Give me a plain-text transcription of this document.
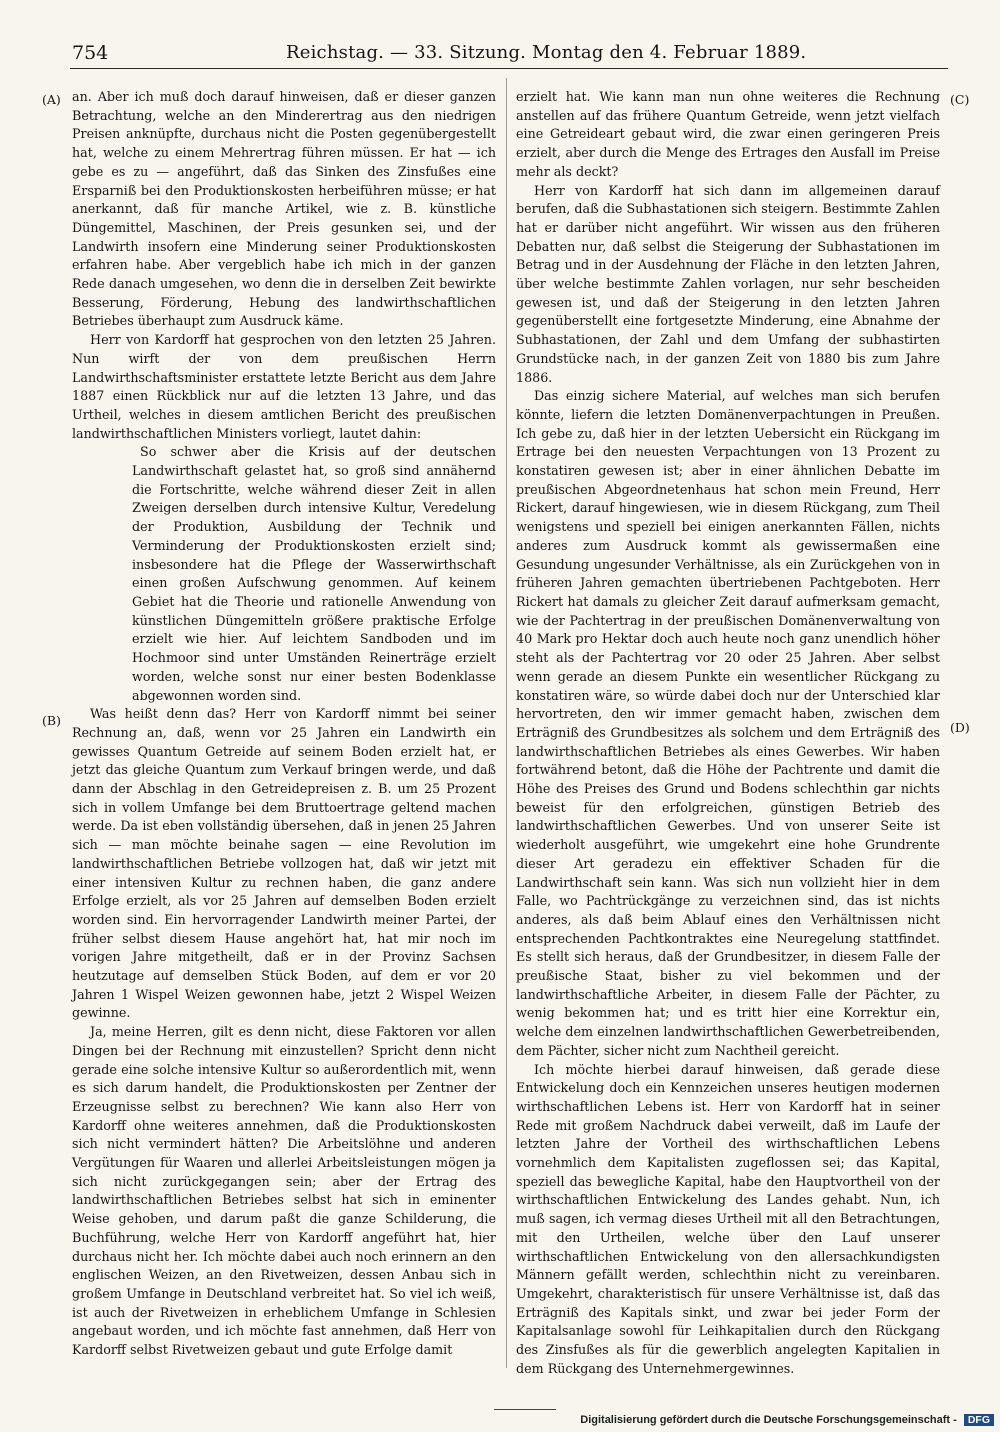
754	Reichstag. — 33. Sitzung. Montag den 4. Februar 1889.
(A)
(B)
(C)
(D)

an. Aber ich muß doch darauf hinweisen, daß er dieser ganzen Betrachtung, welche an den Minderertrag aus den niedrigen Preisen anknüpfte, durchaus nicht die Posten gegenübergestellt hat, welche zu einem Mehrertrag führen müssen. Er hat — ich gebe es zu — angeführt, daß das Sinken des Zinsfußes eine Ersparniß bei den Produktionskosten herbeiführen müsse; er hat anerkannt, daß für manche Artikel, wie z. B. künstliche Düngemittel, Maschinen, der Preis gesunken sei, und der Landwirth insofern eine Minderung seiner Produktionskosten erfahren habe. Aber vergeblich habe ich mich in der ganzen Rede danach umgesehen, wo denn die in derselben Zeit bewirkte Besserung, Förderung, Hebung des landwirthschaftlichen Betriebes überhaupt zum Ausdruck käme.

Herr von Kardorff hat gesprochen von den letzten 25 Jahren. Nun wirft der von dem preußischen Herrn Landwirthschaftsminister erstattete letzte Bericht aus dem Jahre 1887 einen Rückblick nur auf die letzten 13 Jahre, und das Urtheil, welches in diesem amtlichen Bericht des preußischen landwirthschaftlichen Ministers vorliegt, lautet dahin:

So schwer aber die Krisis auf der deutschen Landwirthschaft gelastet hat, so groß sind annähernd die Fortschritte, welche während dieser Zeit in allen Zweigen derselben durch intensive Kultur, Veredelung der Produktion, Ausbildung der Technik und Verminderung der Produktionskosten erzielt sind; insbesondere hat die Pflege der Wasserwirthschaft einen großen Aufschwung genommen. Auf keinem Gebiet hat die Theorie und rationelle Anwendung von künstlichen Düngemitteln größere praktische Erfolge erzielt wie hier. Auf leichtem Sandboden und im Hochmoor sind unter Umständen Reinerträge erzielt worden, welche sonst nur einer besten Bodenklasse abgewonnen worden sind.

Was heißt denn das? Herr von Kardorff nimmt bei seiner Rechnung an, daß, wenn vor 25 Jahren ein Landwirth ein gewisses Quantum Getreide auf seinem Boden erzielt hat, er jetzt das gleiche Quantum zum Verkauf bringen werde, und daß dann der Abschlag in den Getreidepreisen z. B. um 25 Prozent sich in vollem Umfange bei dem Bruttoertrage geltend machen werde. Da ist eben vollständig übersehen, daß in jenen 25 Jahren sich — man möchte beinahe sagen — eine Revolution im landwirthschaftlichen Betriebe vollzogen hat, daß wir jetzt mit einer intensiven Kultur zu rechnen haben, die ganz andere Erfolge erzielt, als vor 25 Jahren auf demselben Boden erzielt worden sind. Ein hervorragender Landwirth meiner Partei, der früher selbst diesem Hause angehört hat, hat mir noch im vorigen Jahre mitgetheilt, daß er in der Provinz Sachsen heutzutage auf demselben Stück Boden, auf dem er vor 20 Jahren 1 Wispel Weizen gewonnen habe, jetzt 2 Wispel Weizen gewinne.

Ja, meine Herren, gilt es denn nicht, diese Faktoren vor allen Dingen bei der Rechnung mit einzustellen? Spricht denn nicht gerade eine solche intensive Kultur so außerordentlich mit, wenn es sich darum handelt, die Produktionskosten per Zentner der Erzeugnisse selbst zu berechnen? Wie kann also Herr von Kardorff ohne weiteres annehmen, daß die Produktionskosten sich nicht vermindert hätten? Die Arbeitslöhne und anderen Vergütungen für Waaren und allerlei Arbeitsleistungen mögen ja sich nicht zurückgegangen sein; aber der Ertrag des landwirthschaftlichen Betriebes selbst hat sich in eminenter Weise gehoben, und darum paßt die ganze Schilderung, die Buchführung, welche Herr von Kardorff angeführt hat, hier durchaus nicht her. Ich möchte dabei auch noch erinnern an den englischen Weizen, an den Rivetweizen, dessen Anbau sich in großem Umfange in Deutschland verbreitet hat. So viel ich weiß, ist auch der Rivetweizen in erheblichem Umfange in Schlesien angebaut worden, und ich möchte fast annehmen, daß Herr von Kardorff selbst Rivetweizen gebaut und gute Erfolge damit

erzielt hat. Wie kann man nun ohne weiteres die Rechnung anstellen auf das frühere Quantum Getreide, wenn jetzt vielfach eine Getreideart gebaut wird, die zwar einen geringeren Preis erzielt, aber durch die Menge des Ertrages den Ausfall im Preise mehr als deckt?

Herr von Kardorff hat sich dann im allgemeinen darauf berufen, daß die Subhastationen sich steigern. Bestimmte Zahlen hat er darüber nicht angeführt. Wir wissen aus den früheren Debatten nur, daß selbst die Steigerung der Subhastationen im Betrag und in der Ausdehnung der Fläche in den letzten Jahren, über welche bestimmte Zahlen vorlagen, nur sehr bescheiden gewesen ist, und daß der Steigerung in den letzten Jahren gegenüberstellt eine fortgesetzte Minderung, eine Abnahme der Subhastationen, der Zahl und dem Umfang der subhastirten Grundstücke nach, in der ganzen Zeit von 1880 bis zum Jahre 1886.

Das einzig sichere Material, auf welches man sich berufen könnte, liefern die letzten Domänenverpachtungen in Preußen. Ich gebe zu, daß hier in der letzten Uebersicht ein Rückgang im Ertrage bei den neuesten Verpachtungen von 13 Prozent zu konstatiren gewesen ist; aber in einer ähnlichen Debatte im preußischen Abgeordnetenhaus hat schon mein Freund, Herr Rickert, darauf hingewiesen, wie in diesem Rückgang, zum Theil wenigstens und speziell bei einigen anerkannten Fällen, nichts anderes zum Ausdruck kommt als gewissermaßen eine Gesundung ungesunder Verhältnisse, als ein Zurückgehen von in früheren Jahren gemachten übertriebenen Pachtgeboten. Herr Rickert hat damals zu gleicher Zeit darauf aufmerksam gemacht, wie der Pachtertrag in der preußischen Domänenverwaltung von 40 Mark pro Hektar doch auch heute noch ganz unendlich höher steht als der Pachtertrag vor 20 oder 25 Jahren. Aber selbst wenn gerade an diesem Punkte ein wesentlicher Rückgang zu konstatiren wäre, so würde dabei doch nur der Unterschied klar hervortreten, den wir immer gemacht haben, zwischen dem Erträgniß des Grundbesitzes als solchem und dem Erträgniß des landwirthschaftlichen Betriebes als eines Gewerbes. Wir haben fortwährend betont, daß die Höhe der Pachtrente und damit die Höhe des Preises des Grund und Bodens schlechthin gar nichts beweist für den erfolgreichen, günstigen Betrieb des landwirthschaftlichen Gewerbes. Und von unserer Seite ist wiederholt ausgeführt, wie umgekehrt eine hohe Grundrente dieser Art geradezu ein effektiver Schaden für die Landwirthschaft sein kann. Was sich nun vollzieht hier in dem Falle, wo Pachtrückgänge zu verzeichnen sind, das ist nichts anderes, als daß beim Ablauf eines den Verhältnissen nicht entsprechenden Pachtkontraktes eine Neuregelung stattfindet. Es stellt sich heraus, daß der Grundbesitzer, in diesem Falle der preußische Staat, bisher zu viel bekommen und der landwirthschaftliche Arbeiter, in diesem Falle der Pächter, zu wenig bekommen hat; und es tritt hier eine Korrektur ein, welche dem einzelnen landwirthschaftlichen Gewerbetreibenden, dem Pächter, sicher nicht zum Nachtheil gereicht.

Ich möchte hierbei darauf hinweisen, daß gerade diese Entwickelung doch ein Kennzeichen unseres heutigen modernen wirthschaftlichen Lebens ist. Herr von Kardorff hat in seiner Rede mit großem Nachdruck dabei verweilt, daß im Laufe der letzten Jahre der Vortheil des wirthschaftlichen Lebens vornehmlich dem Kapitalisten zugeflossen sei; das Kapital, speziell das bewegliche Kapital, habe den Hauptvortheil von der wirthschaftlichen Entwickelung des Landes gehabt. Nun, ich muß sagen, ich vermag dieses Urtheil mit all den Betrachtungen, mit den Urtheilen, welche über den Lauf unserer wirthschaftlichen Entwickelung von den allersachkundigsten Männern gefällt werden, schlechthin nicht zu vereinbaren. Umgekehrt, charakteristisch für unsere Verhältnisse ist, daß das Erträgniß des Kapitals sinkt, und zwar bei jeder Form der Kapitalsanlage sowohl für Leihkapitalien durch den Rückgang des Zinsfußes als für die gewerblich angelegten Kapitalien in dem Rückgang des Unternehmergewinnes.

Digitalisierung gefördert durch die Deutsche Forschungsgemeinschaft - DFG
